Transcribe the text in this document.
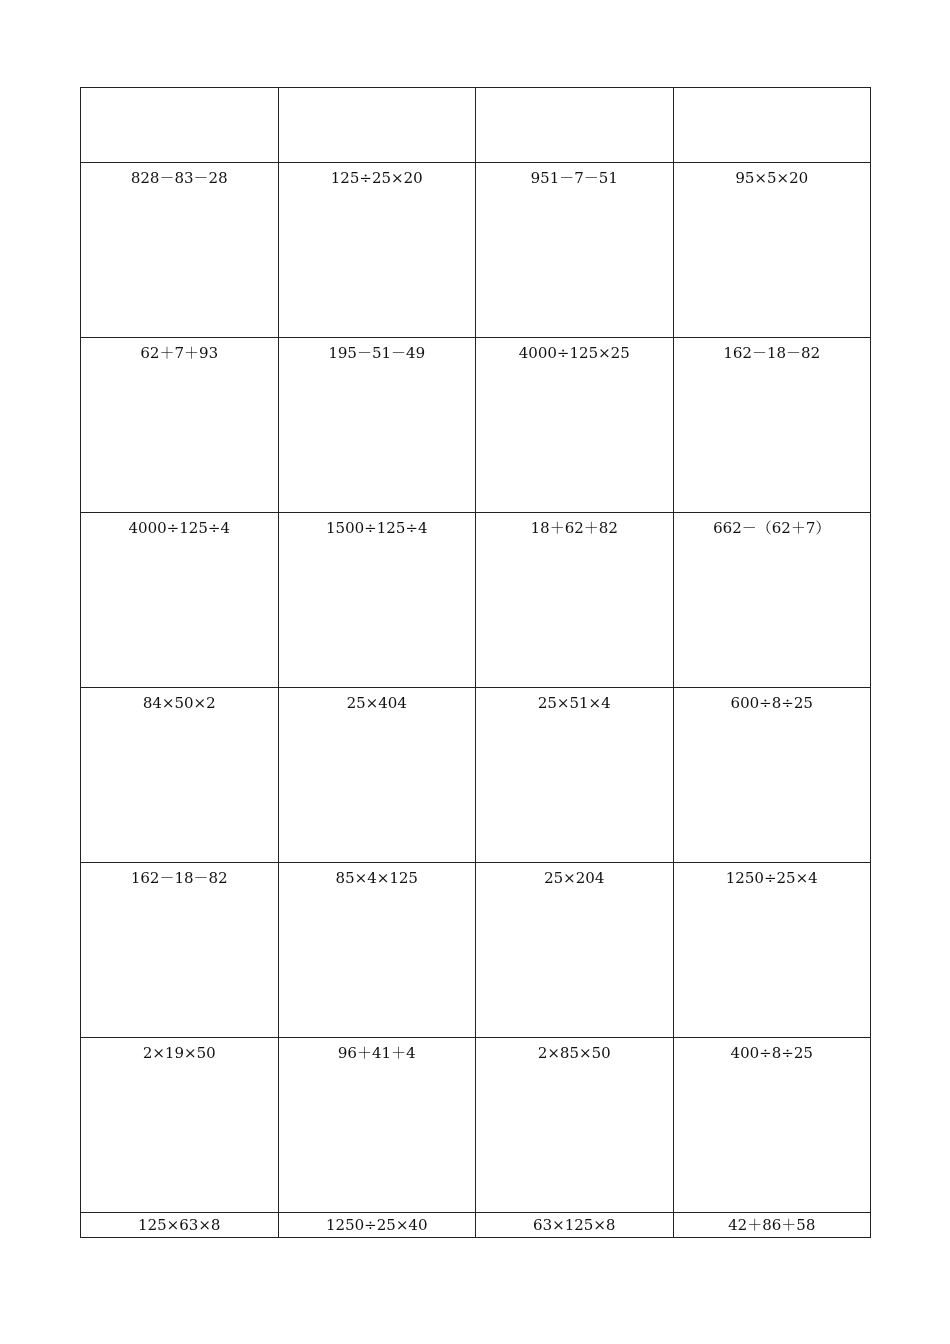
828－83－28	125÷25×20	951－7－51	95×5×20

62＋7＋93	195－51－49	4000÷125×25	162－18－82

4000÷125÷4	1500÷125÷4	18＋62＋82	662－（62＋7）

84×50×2	25×404	25×51×4	600÷8÷25

162－18－82	85×4×125	25×204	1250÷25×4

2×19×50	96＋41＋4	2×85×50	400÷8÷25

125×63×8	1250÷25×40	63×125×8	42＋86＋58
